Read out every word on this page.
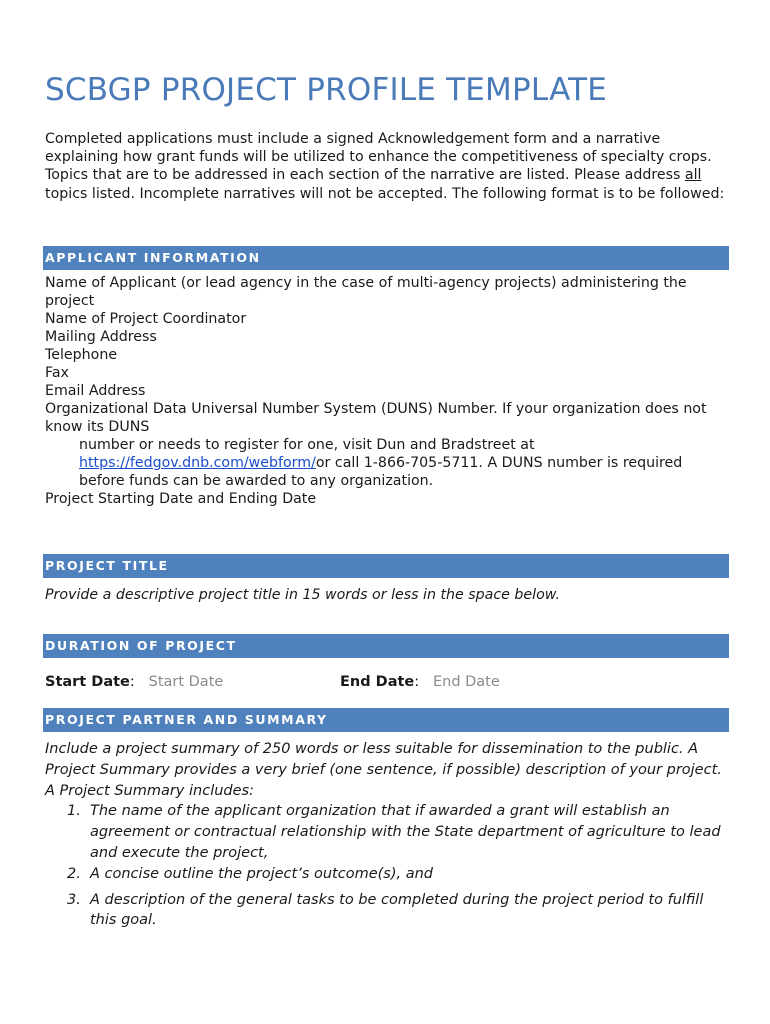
SCBGP PROJECT PROFILE TEMPLATE
Completed applications must include a signed Acknowledgement form and a narrative explaining how grant funds will be utilized to enhance the competitiveness of specialty crops. Topics that are to be addressed in each section of the narrative are listed. Please address all topics listed. Incomplete narratives will not be accepted. The following format is to be followed:
APPLICANT INFORMATION
Name of Applicant (or lead agency in the case of multi-agency projects) administering the project
Name of Project Coordinator
Mailing Address
Telephone
Fax
Email Address
Organizational Data Universal Number System (DUNS) Number. If your organization does not know its DUNS
number or needs to register for one, visit Dun and Bradstreet at
https://fedgov.dnb.com/webform/or call 1-866-705-5711. A DUNS number is required before funds can be awarded to any organization.
Project Starting Date and Ending Date
PROJECT TITLE
Provide a descriptive project title in 15 words or less in the space below.
DURATION OF PROJECT
Start Date:   Start Date	End Date:   End Date
PROJECT PARTNER AND SUMMARY
Include a project summary of 250 words or less suitable for dissemination to the public. A Project Summary provides a very brief (one sentence, if possible) description of your project. A Project Summary includes:
1. The name of the applicant organization that if awarded a grant will establish an agreement or contractual relationship with the State department of agriculture to lead and execute the project,
2. A concise outline the project’s outcome(s), and
3. A description of the general tasks to be completed during the project period to fulfill this goal.
